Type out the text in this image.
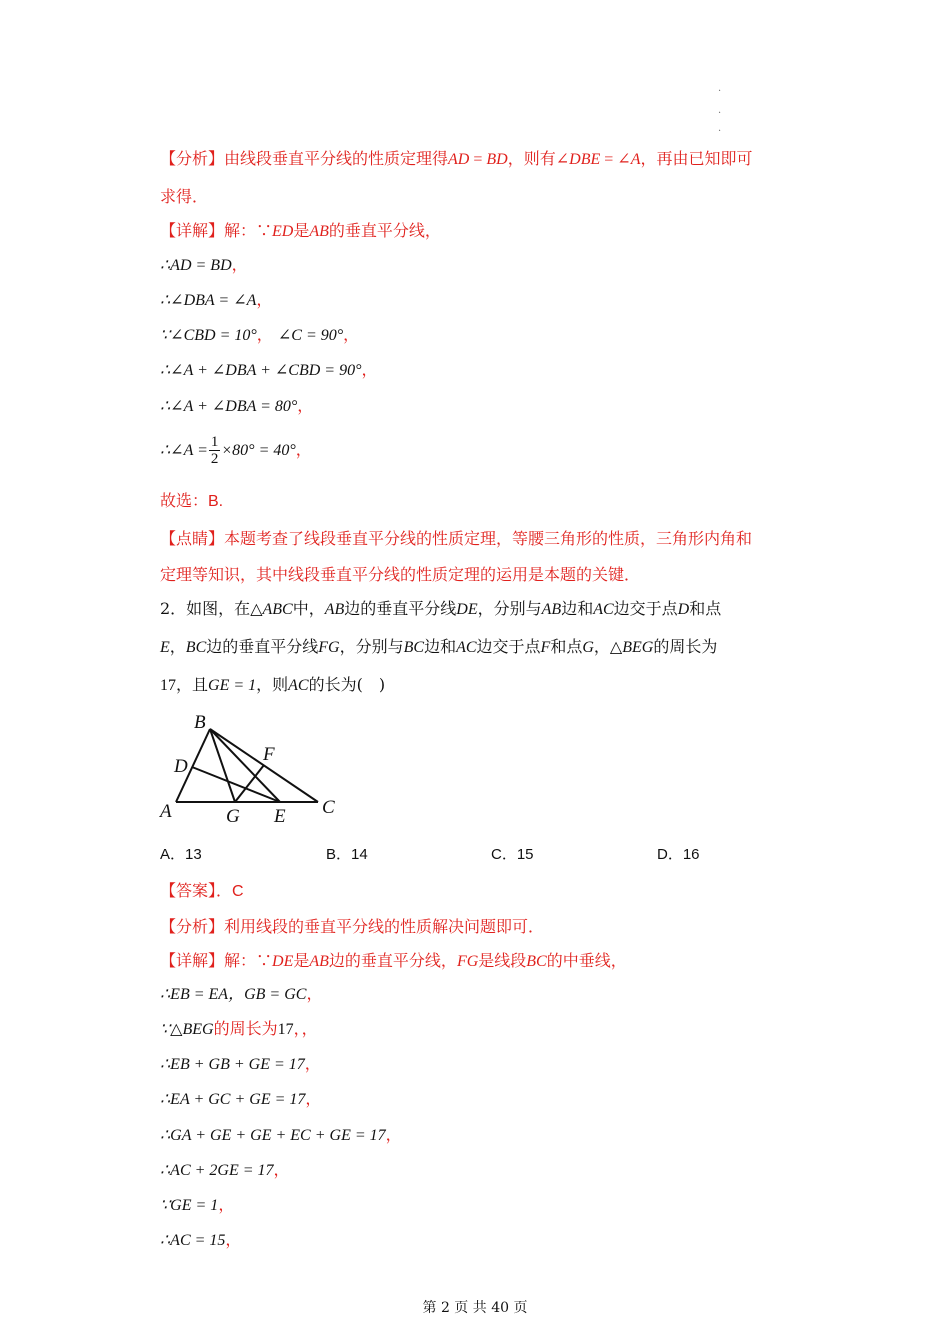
·
·
·
【分析】由线段垂直平分线的性质定理得AD = BD，则有∠DBE = ∠A，再由已知即可
求得．
【详解】解：∵ED是AB的垂直平分线，
∴AD = BD，
∴∠DBA = ∠A，
∵∠CBD = 10°， ∠C = 90°，
∴∠A + ∠DBA + ∠CBD = 90°，
∴∠A + ∠DBA = 80°，
∴∠A = $\frac{1}{2} \times 80^\circ = 40^\circ$，
故选：B.
【点睛】本题考查了线段垂直平分线的性质定理，等腰三角形的性质，三角形内角和
定理等知识，其中线段垂直平分线的性质定理的运用是本题的关键．
2．如图，在△ABC中，AB边的垂直平分线DE，分别与AB边和AC边交于点D和点
E，BC边的垂直平分线FG，分别与BC边和AC边交于点F和点G，△BEG的周长为
17，且GE = 1，则AC的长为(　)
B
D
F
A	G E C
A．13	B．14	C．15	D．16
【答案】．C
【分析】利用线段的垂直平分线的性质解决问题即可．
【详解】解：∵DE是AB边的垂直平分线，FG是线段BC的中垂线，
∴EB = EA，GB = GC，
∵△BEG的周长为17，，
∴EB + GB + GE = 17，
∴EA + GC + GE = 17，
∴GA + GE + GE + EC + GE = 17，
∴AC + 2GE = 17，
∵GE = 1，
∴AC = 15，
第 2 页 共 40 页
